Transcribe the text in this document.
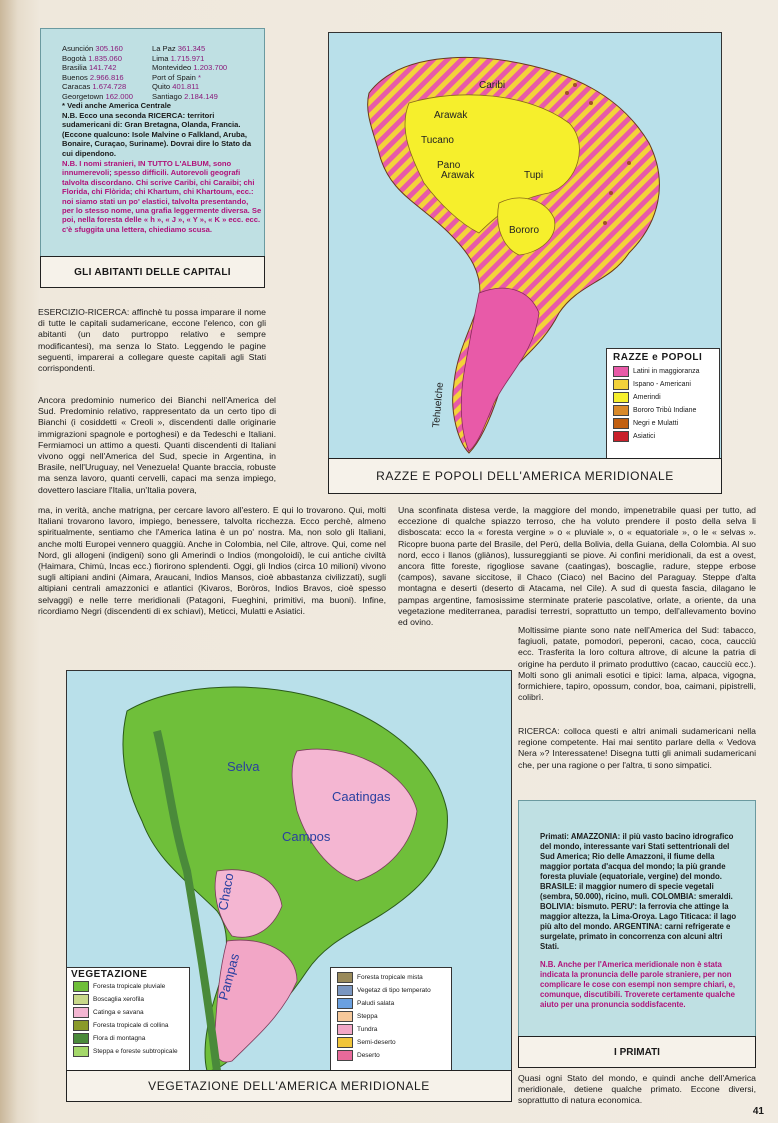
Asunción 305.160	La Paz 361.345
Bogotà 1.835.060	Lima 1.715.971
Brasilia 141.742	Montevideo 1.203.700
Buenos 2.966.816	Port of Spain *
Caracas 1.674.728	Quito 401.811
Georgetown 162.000	Santiago 2.184.149
* Vedi anche America Centrale
N.B. Ecco una seconda RICERCA: territori sudamericani di: Gran Bretagna, Olanda, Francia. (Eccone qualcuno: Isole Malvine o Falkland, Aruba, Bonaire, Curaçao, Suriname). Dovrai dire lo Stato da cui dipendono.
N.B. I nomi stranieri, IN TUTTO L'ALBUM, sono innumerevoli; spesso difficili. Autorevoli geografi talvolta discordano. Chi scrive Caribi, chi Caraibi; chi Florida, chi Flòrida; chi Khartum, chi Khartoum, ecc.: noi siamo stati un po' elastici, talvolta presentando, per lo stesso nome, una grafia leggermente diversa. Se poi, nella foresta delle « h », « J », « Y », « K » ecc. ecc. c'è sfuggita una lettera, chiediamo scusa.
GLI ABITANTI DELLE CAPITALI
ESERCIZIO-RICERCA: affinchè tu possa imparare il nome di tutte le capitali sudamericane, eccone l'elenco, con gli abitanti (un dato purtroppo relativo e sempre modificantesi), ma senza lo Stato. Leggendo le pagine seguenti, imparerai a collegare queste capitali agli Stati corrispondenti.
Ancora predominio numerico dei Bianchi nell'America del Sud. Predominio relativo, rappresentato da un certo tipo di Bianchi (i cosiddetti « Creoli », discendenti dalle originarie immigrazioni spagnole e portoghesi) e da Tedeschi e Italiani. Fermiamoci un attimo a questi. Quanti discendenti di Italiani vivono oggi nell'America del Sud, specie in Argentina, in Brasile, nell'Uruguay, nel Venezuela! Quante braccia, robuste ma senza lavoro, quanti cervelli, capaci ma senza impiego, dovettero lasciare l'Italia, un'Italia povera,
ma, in verità, anche matrigna, per cercare lavoro all'estero. E qui lo trovarono. Qui, molti Italiani trovarono lavoro, impiego, benessere, talvolta ricchezza. Ecco perchè, almeno spiritualmente, sentiamo che l'America latina è un po' nostra. Ma, non solo gli Italiani, anche molti Europei vennero quaggiù. Anche in Colombia, nel Cile, altrove. Qui, come nel Nord, gli allogeni (indigeni) sono gli Amerindi o Indios (mongoloidi), le cui antiche civiltà (Haimara, Chimù, Incas ecc.) fiorirono splendenti. Oggi, gli Indios (circa 10 milioni) vivono sugli altipiani andini (Aimara, Araucani, Indios Mansos, cioè abbastanza civilizzati), sugli altipiani centrali amazzonici e atlantici (Kivaros, Boròros, Indios Bravos, cioè spesso selvaggi) e nelle terre meridionali (Patagoni, Fueghini, primitivi, ma buoni). Infine, ricordiamo Negri (discendenti di ex schiavi), Meticci, Mulatti e Asiatici.
Caribi
Arawak
Tucano
Pano
Arawak	Tupi
Bororo
Tehuelche
RAZZE e POPOLI
Latini in maggioranza
Ispano - Americani
Amerindi
Bororo Tribù Indiane
Negri e Mulatti
Asiatici
RAZZE E POPOLI DELL'AMERICA MERIDIONALE
Una sconfinata distesa verde, la maggiore del mondo, impenetrabile quasi per tutto, ad eccezione di qualche spiazzo terroso, che ha voluto prendere il posto della selva li disboscata: ecco la « foresta vergine » o « pluviale », o « equatoriale », o le « selvas ». Ricopre buona parte del Brasile, del Perù, della Bolivia, della Guiana, della Colombia. Al suo nord, ecco i llanos (gliànos), lussureggianti se piove. Ai confini meridionali, da est a ovest, ancora fitte foreste, rigogliose savane (caatingas), boscaglie, radure, steppe erbose (campos), savane siccitose, il Chaco (Ciaco) nel Bacino del Paraguay. Steppe d'alta montagna e deserti (deserto di Atacama, nel Cile). A sud di questa fascia, dilagano le pampas argentine, famosissime sterminate praterie pascolative, orlate, a oriente, da una vegetazione mediterranea, paradisi terrestri, soprattutto un tempo, dell'allevamento bovino ed ovino.
Moltissime piante sono nate nell'America del Sud: tabacco, fagiuoli, patate, pomodori, peperoni, cacao, coca, caucciù ecc. Trasferita la loro coltura altrove, di alcune la patria di origine ha perduto il primato produttivo (cacao, caucciù ecc.). Molti sono gli animali esotici e tipici: lama, alpaca, vigogna, formichiere, tapiro, opossum, condor, boa, caimani, pipistrelli, colibrì.
RICERCA: colloca questi e altri animali sudamericani nella regione competente. Hai mai sentito parlare della « Vedova Nera »? Interessatene! Disegna tutti gli animali sudamericani che, per una ragione o per l'altra, ti sono simpatici.
Selva
Caatingas
Campos
Chaco
Pampas
VEGETAZIONE
Foresta tropicale pluviale
Boscaglia xerofila
Catinga e savana
Foresta tropicale di collina
Flora di montagna
Steppa e foreste subtropicale
Foresta tropicale mista
Vegetaz di tipo temperato
Paludi salata
Steppa
Tundra
Semi-deserto
Deserto
VEGETAZIONE DELL'AMERICA MERIDIONALE
Primati: AMAZZONIA: il più vasto bacino idrografico del mondo, interessante vari Stati settentrionali del Sud America; Rio delle Amazzoni, il fiume della maggior portata d'acqua del mondo; la più grande foresta pluviale (equatoriale, vergine) del mondo. BRASILE: il maggior numero di specie vegetali (sembra, 50.000), ricino, mulì. COLOMBIA: smeraldi. BOLIVIA: bismuto. PERU': la ferrovia che attinge la maggior altezza, la Lima-Oroya. Lago Titicaca: il lago più alto del mondo. ARGENTINA: carni refrigerate e surgelate, primato in concorrenza con alcuni altri Stati.
N.B. Anche per l'America meridionale non è stata indicata la pronuncia delle parole straniere, per non complicare le cose con esempi non sempre chiari, e, comunque, discutibili. Troverete certamente qualche aiuto per una pronuncia soddisfacente.
I PRIMATI
Quasi ogni Stato del mondo, e quindi anche dell'America meridionale, detiene qualche primato. Eccone diversi, soprattutto di natura economica.
41
